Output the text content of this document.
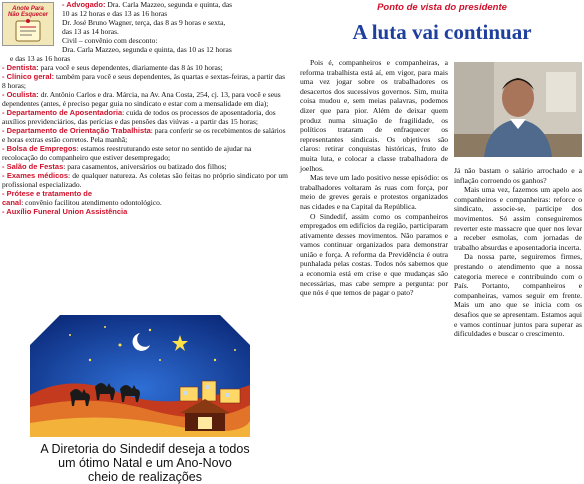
- Advogado: Dra. Carla Mazzeo, segunda e quinta, das

10 as 12 horas e das 13 as 16 horas

Dr. José Bruno Wagner, terça, das 8 as 9 horas e sexta,

das 13 as 14 horas.

Civil – convênio com desconto:

Dra. Carla Mazzeo, segunda e quinta, das 10 as 12 horas

e das 13 as 16 horas

- Dentista: para você e seus dependentes, diariamente das 8 às 10 horas;

- Clínico geral: também para você e seus dependentes, às quartas e sextas-feiras, a partir das 8 horas;

- Oculista: dr. Antônio Carlos e dra. Márcia, na Av. Ana Costa, 254, cj. 13, para você e seus dependentes (antes, é preciso pegar guia no sindicato e estar com a mensalidade em dia);

- Departamento de Aposentadoria: cuida de todos os processos de aposentadoria, dos auxílios previdenciários, das perícias e das pensões das viúvas - a partir das 15 horas;

- Departamento de Orientação Trabalhista: para conferir se os recebimentos de salários e horas extras estão corretos. Pela manhã;

- Bolsa de Empregos: estamos reestruturando este setor no sentido de ajudar na recolocação do companheiro que estiver desempregado;

- Salão de Festas: para casamentos, aniversários ou batizado dos filhos;

- Exames médicos: de qualquer natureza. As coletas são feitas no próprio sindicato por um profissional especializado.

- Prótese e tratamento de
canal: convênio facilitou atendimento odontológico.

- Auxílio Funeral Union Assistência

Anote Para
Não Esquecer
A Diretoria do Sindedif deseja a todos
um ótimo Natal e um Ano-Novo
cheio de realizações
Ponto de vista do presidente
A luta vai continuar

Pois é, companheiros e companheiras, a reforma trabalhista está aí, em vigor, para mais uma vez jogar sobre os trabalhadores os desacertos dos sucessivos governos. Sim, muita coisa mudou e, sem meias palavras, podemos dizer que para pior. Além de deixar quem produz numa situação de fragilidade, os políticos trataram de enfraquecer os representantes sindicais. Os objetivos são claros: retirar conquistas históricas, fruto de muita luta, e colocar a classe trabalhadora de joelhos.

Mas teve um lado positivo nesse episódio: os trabalhadores voltaram às ruas com força, por meio de greves gerais e protestos organizados nas cidades e na Capital da República.

O Sindedif, assim como os companheiros empregados em edifícios da região, participaram ativamente desses movimentos. Não paramos e vamos continuar organizados para demonstrar união e força. A reforma da Previdência é outra punhalada pelas costas. Todos nós sabemos que a economia está em crise e que mudanças são necessárias, mas cabe sempre a pergunta: por que nós é que temos de pagar o pato?

Já não bastam o salário arrochado e a inflação corroendo os ganhos?

Mais uma vez, fazemos um apelo aos companheiros e companheiras: reforce o sindicato, associe-se, participe dos movimentos. Só assim conseguiremos reverter este massacre que quer nos levar a receber esmolas, com jornadas de trabalho absurdas e aposentadoria incerta.

Da nossa parte, seguiremos firmes, prestando o atendimento que a nossa categoria merece e contribuindo com o País. Portanto, companheiros e companheiras, vamos seguir em frente. Mais um ano que se inicia com os desafios que se apresentam. Estamos aqui e vamos continuar juntos para superar as dificuldades e buscar o crescimento.
